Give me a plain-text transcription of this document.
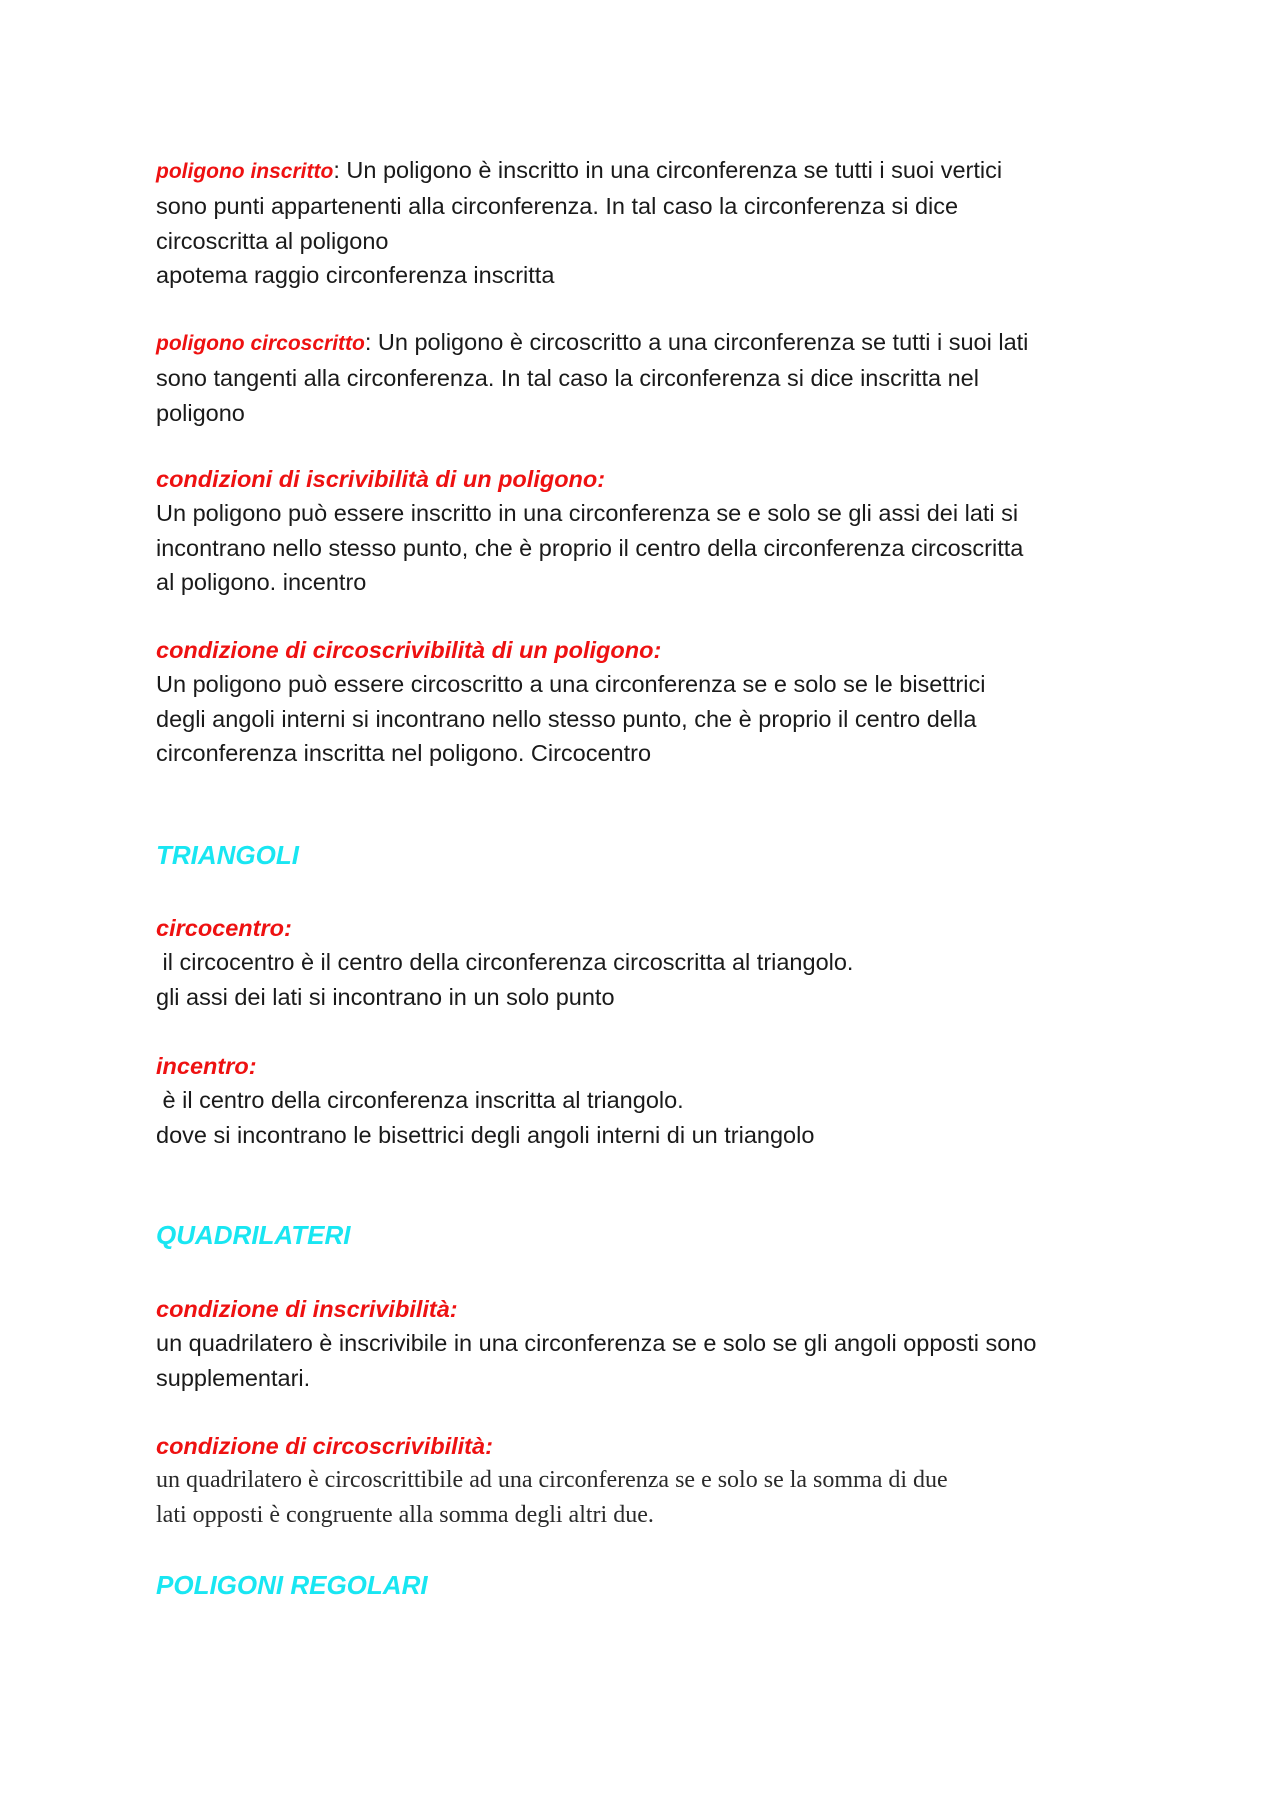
poligono inscritto: Un poligono è inscritto in una circonferenza se tutti i suoi vertici

sono punti appartenenti alla circonferenza. In tal caso la circonferenza si dice

circoscritta al poligono

apotema raggio circonferenza inscritta

poligono circoscritto: Un poligono è circoscritto a una circonferenza se tutti i suoi lati

sono tangenti alla circonferenza. In tal caso la circonferenza si dice inscritta nel

poligono

condizioni di iscrivibilità di un poligono:

Un poligono può essere inscritto in una circonferenza se e solo se gli assi dei lati si

incontrano nello stesso punto, che è proprio il centro della circonferenza circoscritta

al poligono. incentro

condizione di circoscrivibilità di un poligono:

Un poligono può essere circoscritto a una circonferenza se e solo se le bisettrici

degli angoli interni si incontrano nello stesso punto, che è proprio il centro della

circonferenza inscritta nel poligono. Circocentro

TRIANGOLI

circocentro:

il circocentro è il centro della circonferenza circoscritta al triangolo.

gli assi dei lati si incontrano in un solo punto

incentro:

è il centro della circonferenza inscritta al triangolo.

dove si incontrano le bisettrici degli angoli interni di un triangolo

QUADRILATERI

condizione di inscrivibilità:

un quadrilatero è inscrivibile in una circonferenza se e solo se gli angoli opposti sono

supplementari.

condizione di circoscrivibilità:

un quadrilatero è circoscrittibile ad una circonferenza se e solo se la somma di due

lati opposti è congruente alla somma degli altri due.

POLIGONI REGOLARI
